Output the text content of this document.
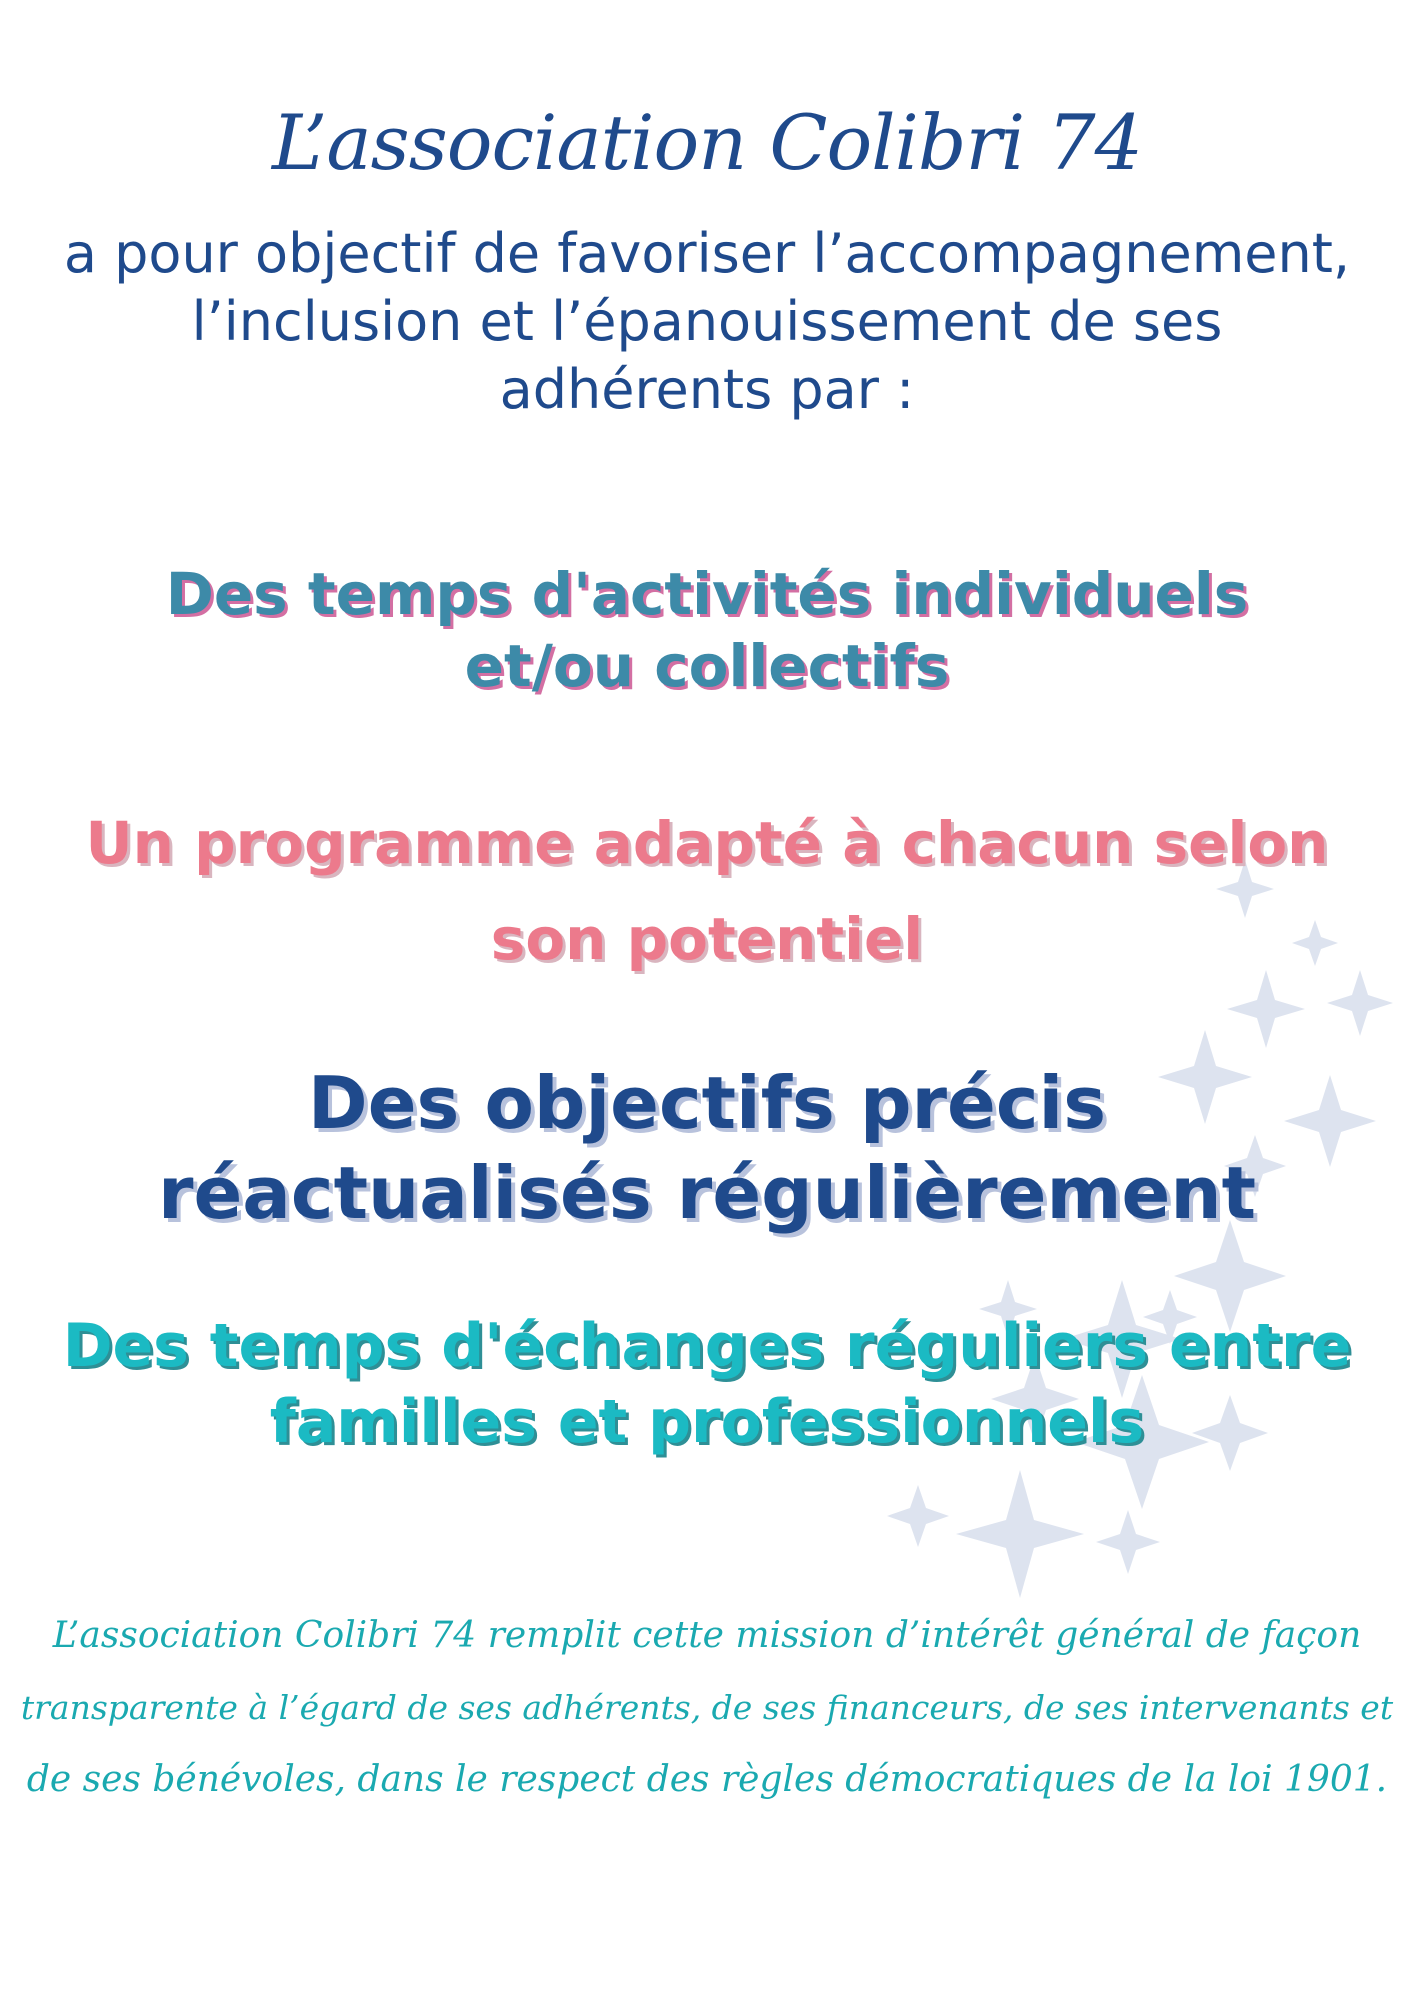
L’association Colibri 74
a pour objectif de favoriser l’accompagnement,
l’inclusion et l’épanouissement de ses
adhérents par :
Des temps d'activités individuels
et/ou collectifs
Un programme adapté à chacun selon
son potentiel
Des objectifs précis
réactualisés régulièrement
Des temps d'échanges réguliers entre
familles et professionnels
L’association Colibri 74 remplit cette mission d’intérêt général de façon
transparente à l’égard de ses adhérents, de ses financeurs, de ses intervenants et
de ses bénévoles, dans le respect des règles démocratiques de la loi 1901.
